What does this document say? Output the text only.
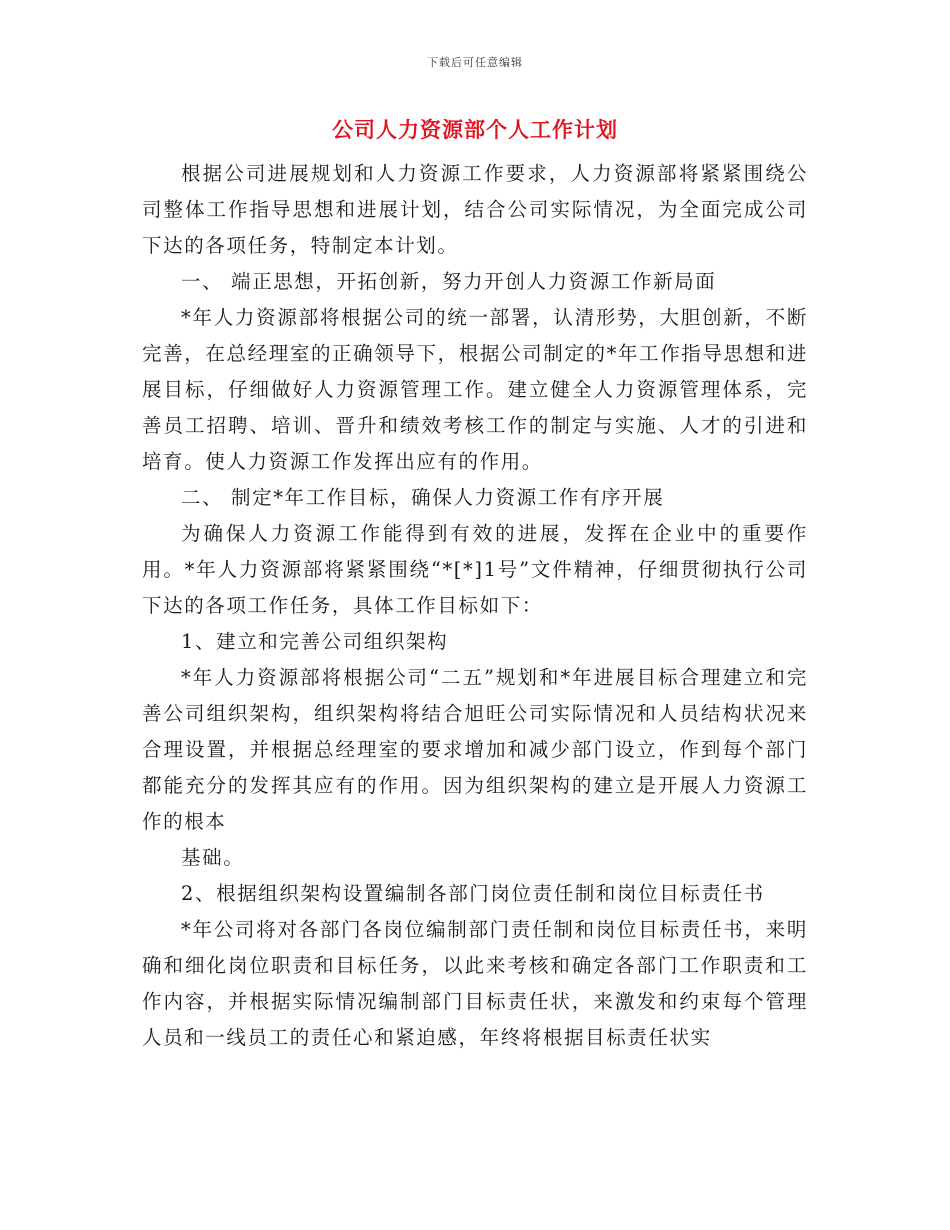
下载后可任意编辑
公司人力资源部个人工作计划

根据公司进展规划和人力资源工作要求，人力资源部将紧紧围绕公司整体工作指导思想和进展计划，结合公司实际情况，为全面完成公司下达的各项任务，特制定本计划。

一、 端正思想，开拓创新，努力开创人力资源工作新局面

*年人力资源部将根据公司的统一部署，认清形势，大胆创新，不断完善，在总经理室的正确领导下，根据公司制定的*年工作指导思想和进展目标，仔细做好人力资源管理工作。建立健全人力资源管理体系，完善员工招聘、培训、晋升和绩效考核工作的制定与实施、人才的引进和培育。使人力资源工作发挥出应有的作用。

二、 制定*年工作目标，确保人力资源工作有序开展

为确保人力资源工作能得到有效的进展，发挥在企业中的重要作用。*年人力资源部将紧紧围绕“*[*]1号”文件精神，仔细贯彻执行公司下达的各项工作任务，具体工作目标如下：

1、建立和完善公司组织架构

*年人力资源部将根据公司“二五”规划和*年进展目标合理建立和完善公司组织架构，组织架构将结合旭旺公司实际情况和人员结构状况来合理设置，并根据总经理室的要求增加和减少部门设立，作到每个部门都能充分的发挥其应有的作用。因为组织架构的建立是开展人力资源工作的根本

基础。

2、根据组织架构设置编制各部门岗位责任制和岗位目标责任书

*年公司将对各部门各岗位编制部门责任制和岗位目标责任书，来明确和细化岗位职责和目标任务，以此来考核和确定各部门工作职责和工作内容，并根据实际情况编制部门目标责任状，来激发和约束每个管理人员和一线员工的责任心和紧迫感，年终将根据目标责任状实
